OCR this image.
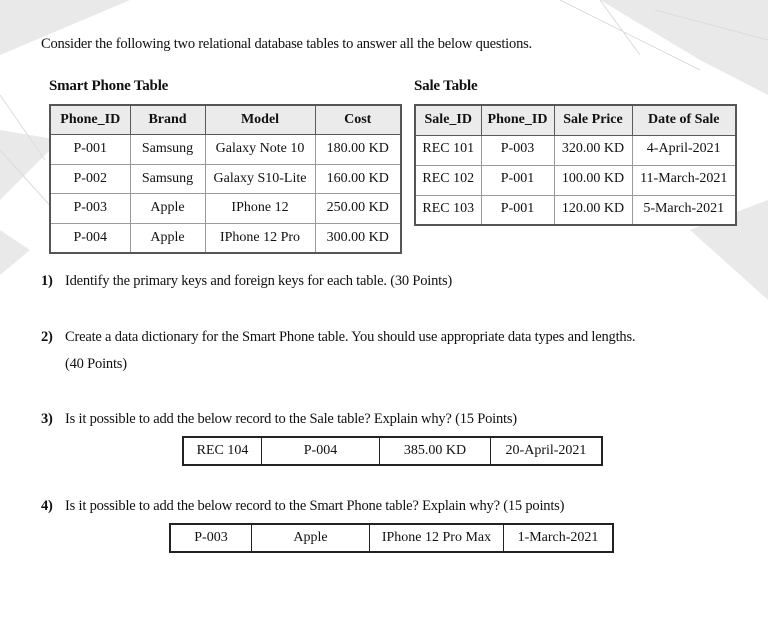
Consider the following two relational database tables to answer all the below questions.
Smart Phone Table	Sale Table
Phone_ID	Brand	Model	Cost
P-001	Samsung	Galaxy Note 10	180.00 KD
P-002	Samsung	Galaxy S10-Lite	160.00 KD
P-003	Apple	IPhone 12	250.00 KD
P-004	Apple	IPhone 12 Pro	300.00 KD
Sale_ID	Phone_ID	Sale Price	Date of Sale
REC 101	P-003	320.00 KD	4-April-2021
REC 102	P-001	100.00 KD	11-March-2021
REC 103	P-001	120.00 KD	5-March-2021
1) Identify the primary keys and foreign keys for each table. (30 Points)
2) Create a data dictionary for the Smart Phone table. You should use appropriate data types and lengths.
(40 Points)
3) Is it possible to add the below record to the Sale table? Explain why? (15 Points)
REC 104	P-004	385.00 KD	20-April-2021
4) Is it possible to add the below record to the Smart Phone table? Explain why? (15 points)
P-003	Apple	IPhone 12 Pro Max	1-March-2021
